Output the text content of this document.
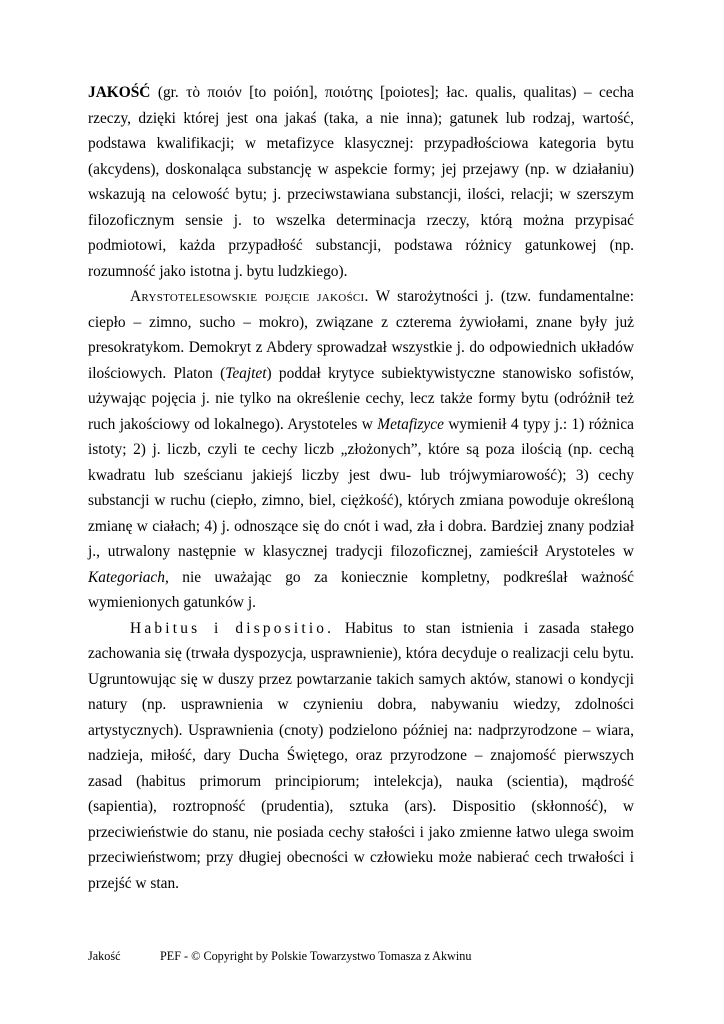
JAKOŚĆ (gr. τὸ ποιόν [to poión], ποιότης [poiotes]; łac. qualis, qualitas) – cecha rzeczy, dzięki której jest ona jakaś (taka, a nie inna); gatunek lub rodzaj, wartość, podstawa kwalifikacji; w metafizyce klasycznej: przypadłościowa kategoria bytu (akcydens), doskonaląca substancję w aspekcie formy; jej przejawy (np. w działaniu) wskazują na celowość bytu; j. przeciwstawiana substancji, ilości, relacji; w szerszym filozoficznym sensie j. to wszelka determinacja rzeczy, którą można przypisać podmiotowi, każda przypadłość substancji, podstawa różnicy gatunkowej (np. rozumność jako istotna j. bytu ludzkiego).

Arystotelesowskie pojęcie jakości. W starożytności j. (tzw. fundamentalne: ciepło – zimno, sucho – mokro), związane z czterema żywiołami, znane były już presokratykom. Demokryt z Abdery sprowadzał wszystkie j. do odpowiednich układów ilościowych. Platon (Teajtet) poddał krytyce subiektywistyczne stanowisko sofistów, używając pojęcia j. nie tylko na określenie cechy, lecz także formy bytu (odróżnił też ruch jakościowy od lokalnego). Arystoteles w Metafizyce wymienił 4 typy j.: 1) różnica istoty; 2) j. liczb, czyli te cechy liczb „złożonych”, które są poza ilością (np. cechą kwadratu lub sześcianu jakiejś liczby jest dwu- lub trójwymiarowość); 3) cechy substancji w ruchu (ciepło, zimno, biel, ciężkość), których zmiana powoduje określoną zmianę w ciałach; 4) j. odnoszące się do cnót i wad, zła i dobra. Bardziej znany podział j., utrwalony następnie w klasycznej tradycji filozoficznej, zamieścił Arystoteles w Kategoriach, nie uważając go za koniecznie kompletny, podkreślał ważność wymienionych gatunków j.

Habitus i dispositio. Habitus to stan istnienia i zasada stałego zachowania się (trwała dyspozycja, usprawnienie), która decyduje o realizacji celu bytu. Ugruntowując się w duszy przez powtarzanie takich samych aktów, stanowi o kondycji natury (np. usprawnienia w czynieniu dobra, nabywaniu wiedzy, zdolności artystycznych). Usprawnienia (cnoty) podzielono później na: nadprzyrodzone – wiara, nadzieja, miłość, dary Ducha Świętego, oraz przyrodzone – znajomość pierwszych zasad (habitus primorum principiorum; intelekcja), nauka (scientia), mądrość (sapientia), roztropność (prudentia), sztuka (ars). Dispositio (skłonność), w przeciwieństwie do stanu, nie posiada cechy stałości i jako zmienne łatwo ulega swoim przeciwieństwom; przy długiej obecności w człowieku może nabierać cech trwałości i przejść w stan.

Jakość	PEF - © Copyright by Polskie Towarzystwo Tomasza z Akwinu
